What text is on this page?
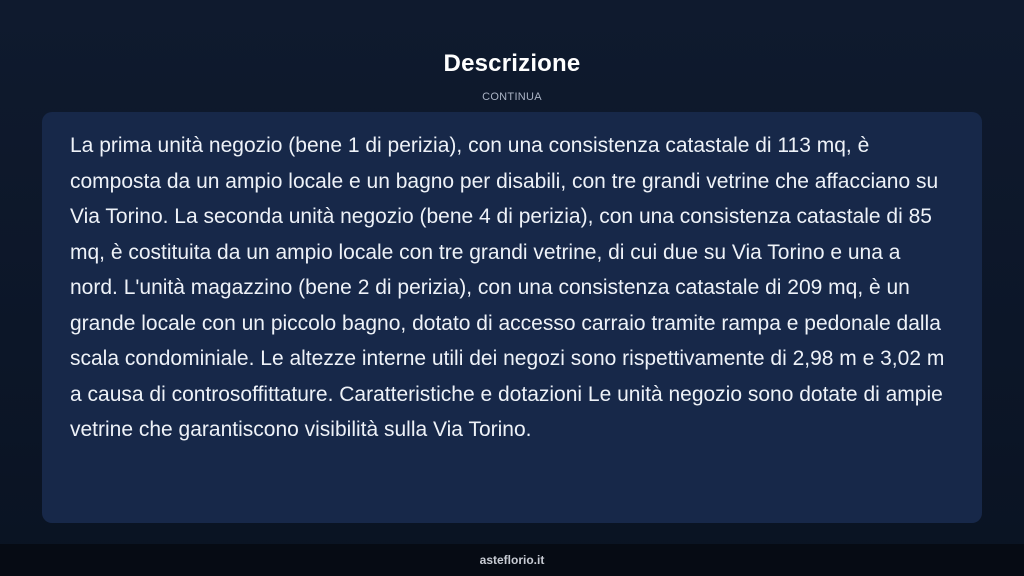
Descrizione
CONTINUA

La prima unità negozio (bene 1 di perizia), con una consistenza catastale di 113 mq, è composta da un ampio locale e un bagno per disabili, con tre grandi vetrine che affacciano su Via Torino. La seconda unità negozio (bene 4 di perizia), con una consistenza catastale di 85 mq, è costituita da un ampio locale con tre grandi vetrine, di cui due su Via Torino e una a nord. L'unità magazzino (bene 2 di perizia), con una consistenza catastale di 209 mq, è un grande locale con un piccolo bagno, dotato di accesso carraio tramite rampa e pedonale dalla scala condominiale. Le altezze interne utili dei negozi sono rispettivamente di 2,98 m e 3,02 m a causa di controsoffittature. Caratteristiche e dotazioni Le unità negozio sono dotate di ampie vetrine che garantiscono visibilità sulla Via Torino.

asteflorio.it
